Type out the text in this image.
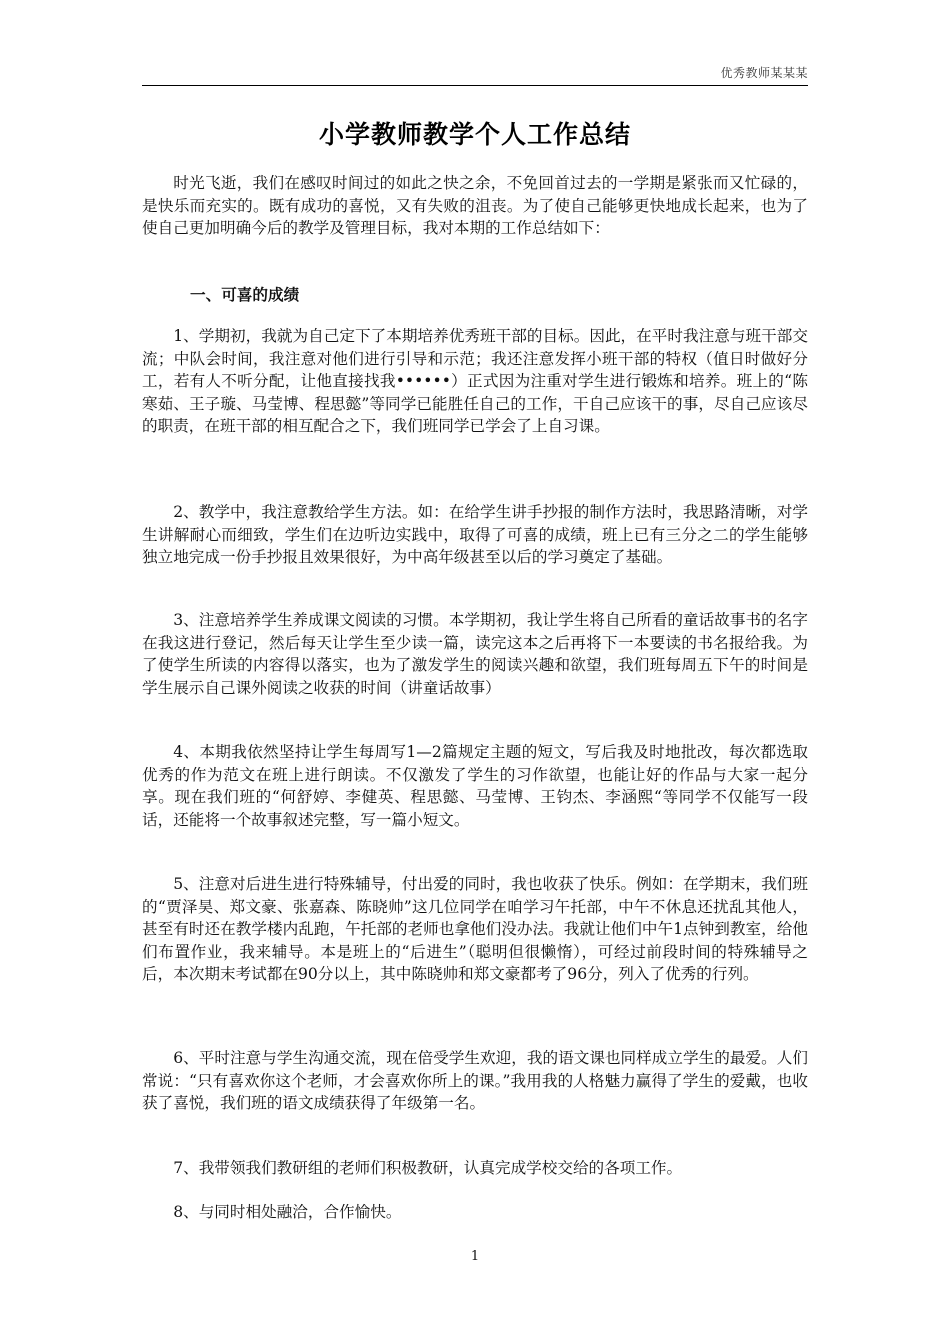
优秀教师某某某
小学教师教学个人工作总结

时光飞逝，我们在感叹时间过的如此之快之余，不免回首过去的一学期是紧张而又忙碌的，是快乐而充实的。既有成功的喜悦，又有失败的沮丧。为了使自己能够更快地成长起来，也为了使自己更加明确今后的教学及管理目标，我对本期的工作总结如下：

一、可喜的成绩

1、学期初，我就为自己定下了本期培养优秀班干部的目标。因此，在平时我注意与班干部交流；中队会时间，我注意对他们进行引导和示范；我还注意发挥小班干部的特权（值日时做好分工，若有人不听分配，让他直接找我••••••）正式因为注重对学生进行锻炼和培养。班上的“陈寒茹、王子璇、马莹博、程思懿”等同学已能胜任自己的工作，干自己应该干的事，尽自己应该尽的职责，在班干部的相互配合之下，我们班同学已学会了上自习课。

2、教学中，我注意教给学生方法。如：在给学生讲手抄报的制作方法时，我思路清晰，对学生讲解耐心而细致，学生们在边听边实践中，取得了可喜的成绩，班上已有三分之二的学生能够独立地完成一份手抄报且效果很好，为中高年级甚至以后的学习奠定了基础。

3、注意培养学生养成课文阅读的习惯。本学期初，我让学生将自己所看的童话故事书的名字在我这进行登记，然后每天让学生至少读一篇，读完这本之后再将下一本要读的书名报给我。为了使学生所读的内容得以落实，也为了激发学生的阅读兴趣和欲望，我们班每周五下午的时间是学生展示自己课外阅读之收获的时间（讲童话故事）

4、本期我依然坚持让学生每周写1—2篇规定主题的短文，写后我及时地批改，每次都选取优秀的作为范文在班上进行朗读。不仅激发了学生的习作欲望，也能让好的作品与大家一起分享。现在我们班的“何舒婷、李健英、程思懿、马莹博、王钧杰、李涵熙“等同学不仅能写一段话，还能将一个故事叙述完整，写一篇小短文。

5、注意对后进生进行特殊辅导，付出爱的同时，我也收获了快乐。例如：在学期末，我们班的“贾泽昊、郑文豪、张嘉森、陈晓帅”这几位同学在咱学习午托部，中午不休息还扰乱其他人，甚至有时还在教学楼内乱跑，午托部的老师也拿他们没办法。我就让他们中午1点钟到教室，给他们布置作业，我来辅导。本是班上的“后进生”（聪明但很懒惰），可经过前段时间的特殊辅导之后，本次期末考试都在90分以上，其中陈晓帅和郑文豪都考了96分，列入了优秀的行列。

6、平时注意与学生沟通交流，现在倍受学生欢迎，我的语文课也同样成立学生的最爱。人们常说：“只有喜欢你这个老师，才会喜欢你所上的课。”我用我的人格魅力赢得了学生的爱戴，也收获了喜悦，我们班的语文成绩获得了年级第一名。

7、我带领我们教研组的老师们积极教研，认真完成学校交给的各项工作。

8、与同时相处融洽，合作愉快。

1
